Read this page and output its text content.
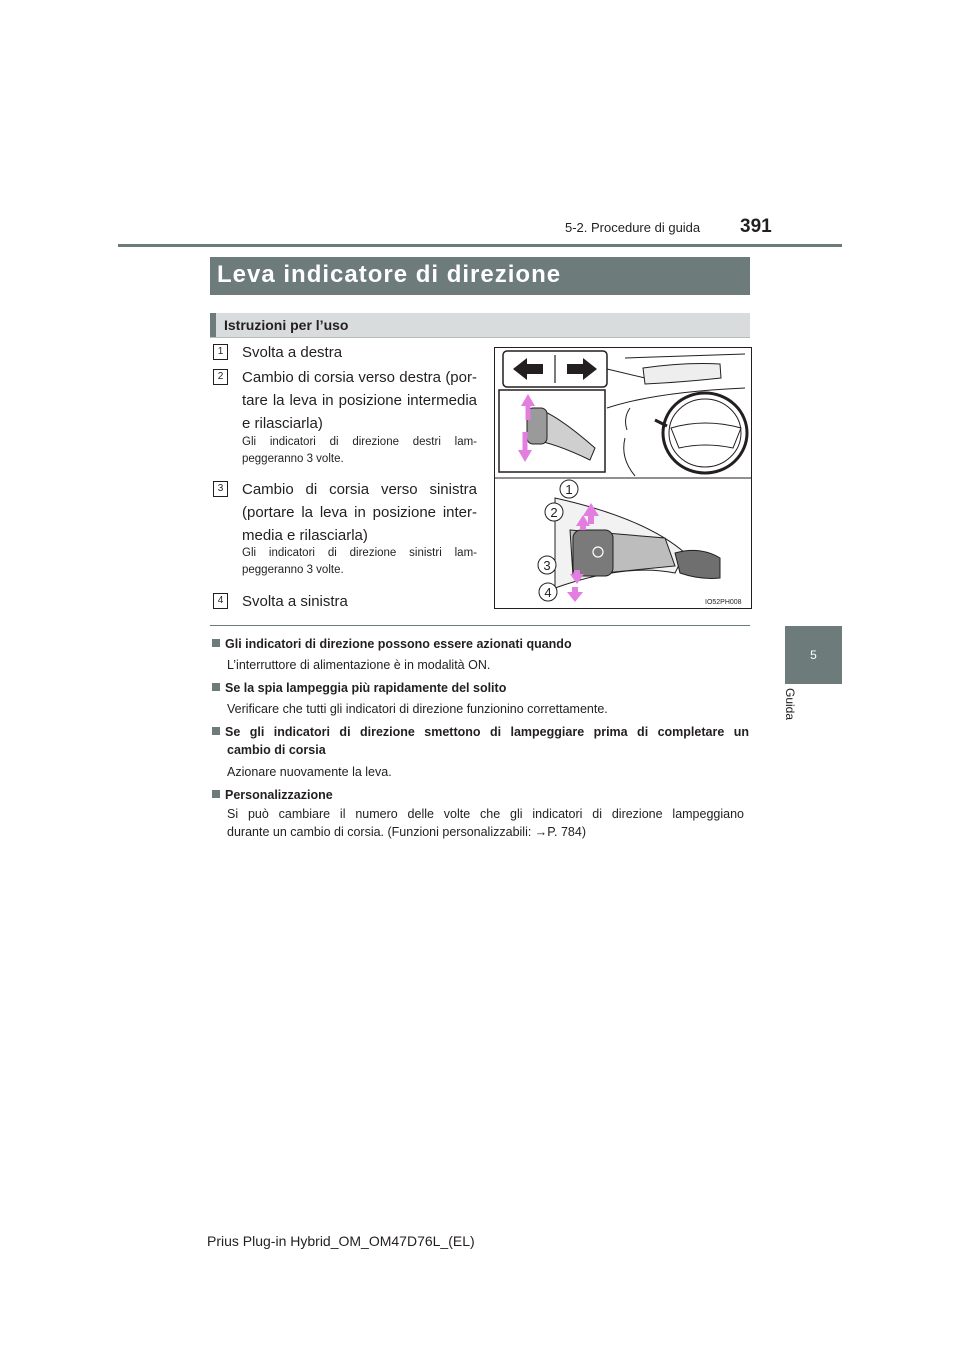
5-2. Procedure di guida 391
5
Guida
Leva indicatore di direzione
Istruzioni per l’uso
1	Svolta a destra
2	Cambio di corsia verso destra (por-
tare la leva in posizione intermedia
e rilasciarla)
Gli indicatori di direzione destri lam-
peggeranno 3 volte.
3	Cambio di corsia verso sinistra
(portare la leva in posizione inter-
media e rilasciarla)
Gli indicatori di direzione sinistri lam-
peggeranno 3 volte.
4	Svolta a sinistra
1
2
3
4
IO52PH008
Gli indicatori di direzione possono essere azionati quando
L’interruttore di alimentazione è in modalità ON.
Se la spia lampeggia più rapidamente del solito
Verificare che tutti gli indicatori di direzione funzionino correttamente.
Se gli indicatori di direzione smettono di lampeggiare prima di completare un
cambio di corsia
Azionare nuovamente la leva.
Personalizzazione
Si può cambiare il numero delle volte che gli indicatori di direzione lampeggiano
durante un cambio di corsia. (Funzioni personalizzabili: →P. 784)
Prius Plug-in Hybrid_OM_OM47D76L_(EL)
